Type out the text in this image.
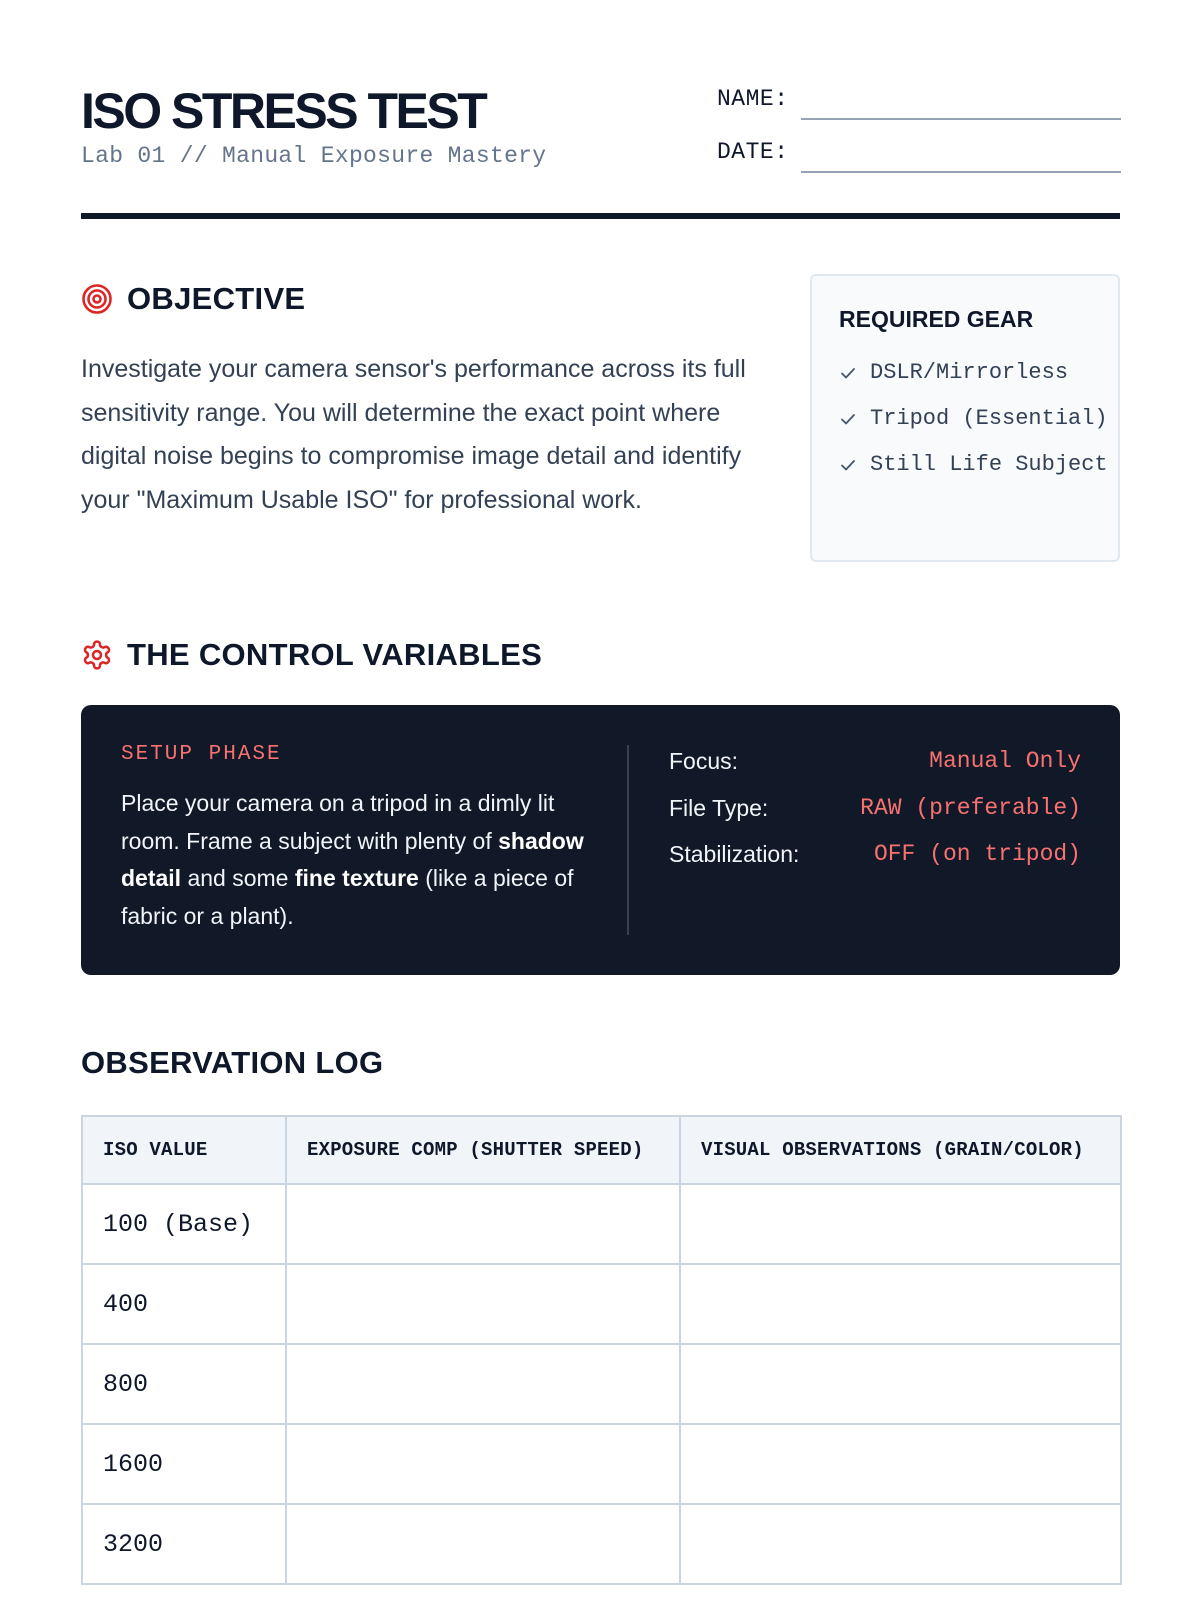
ISO STRESS TEST
Lab 01 // Manual Exposure Mastery
NAME:
DATE:
OBJECTIVE

Investigate your camera sensor's performance across its full sensitivity range. You will determine the exact point where digital noise begins to compromise image detail and identify your "Maximum Usable ISO" for professional work.

REQUIRED GEAR
DSLR/Mirrorless
Tripod (Essential)
Still Life Subject
THE CONTROL VARIABLES
SETUP PHASE

Place your camera on a tripod in a dimly lit room. Frame a subject with plenty of shadow detail and some fine texture (like a piece of fabric or a plant).

Focus:	Manual Only
File Type:	RAW (preferable)
Stabilization:	OFF (on tripod)
OBSERVATION LOG
ISO VALUE	EXPOSURE COMP (SHUTTER SPEED)	VISUAL OBSERVATIONS (GRAIN/COLOR)
100 (Base)		
400		
800		
1600		
3200		
